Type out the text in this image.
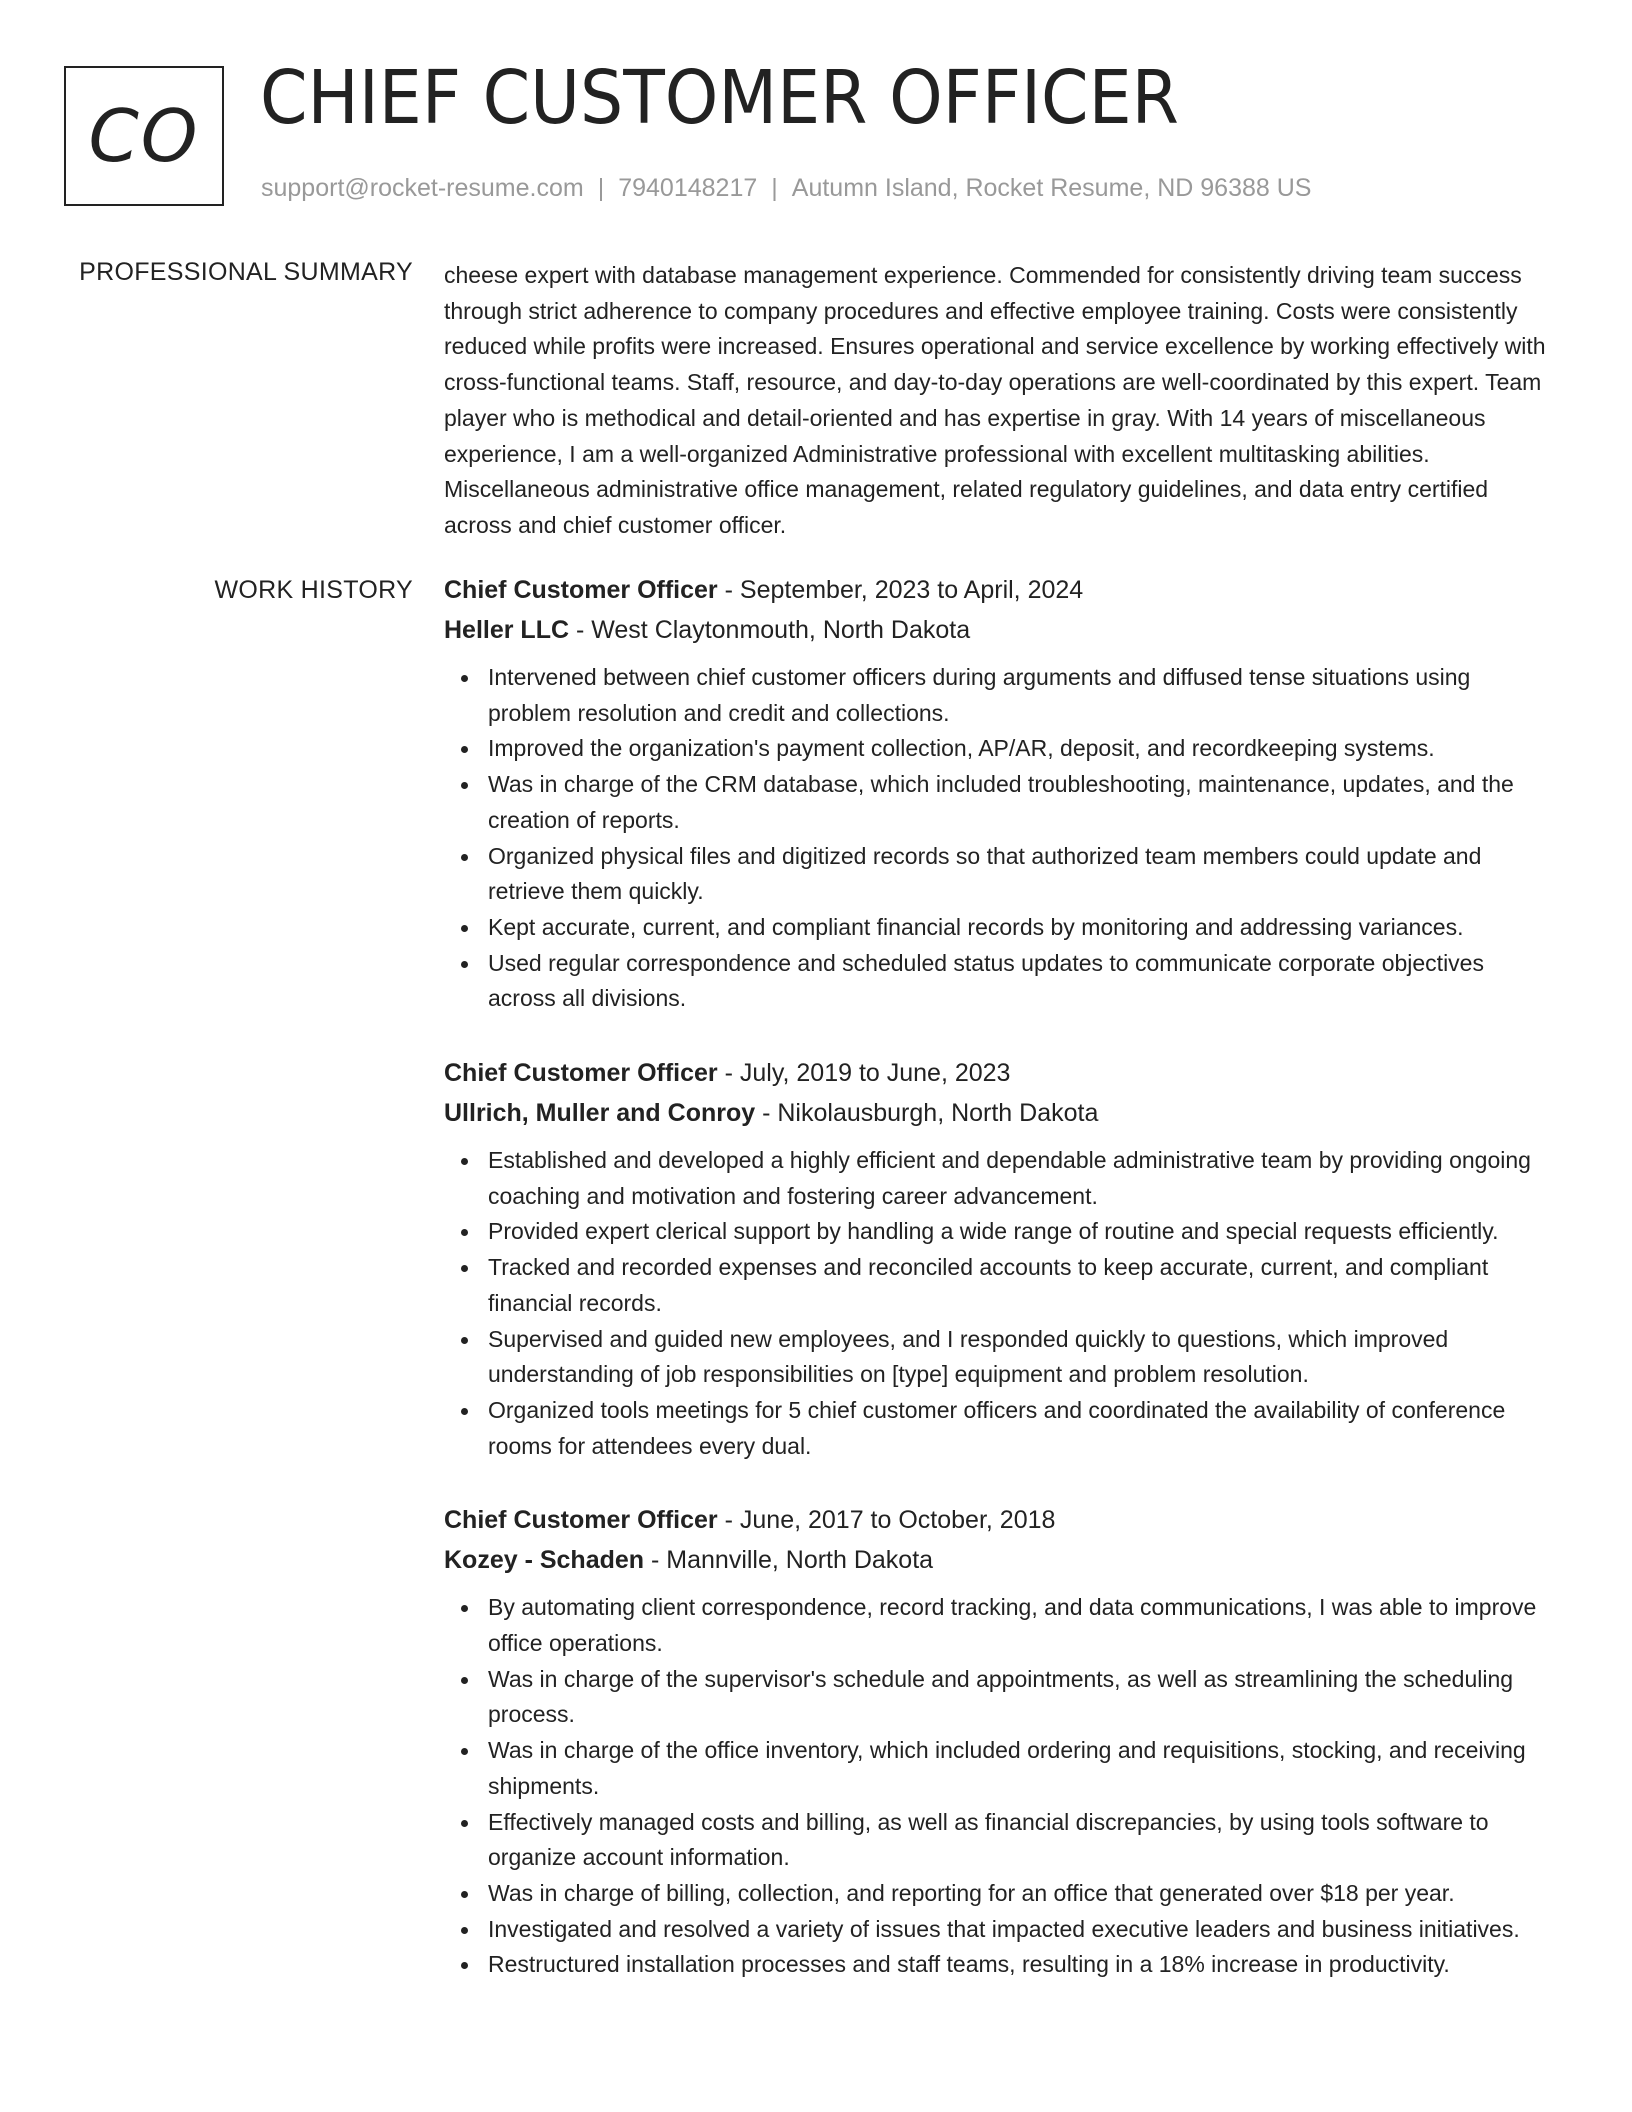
CO CHIEF CUSTOMER OFFICER
support@rocket-resume.com | 7940148217 | Autumn Island, Rocket Resume, ND 96388 US
PROFESSIONAL SUMMARY cheese expert with database management experience. Commended for consistently driving team success through strict adherence to company procedures and effective employee training. Costs were consistently reduced while profits were increased. Ensures operational and service excellence by working effectively with cross-functional teams. Staff, resource, and day-to-day operations are well-coordinated by this expert. Team player who is methodical and detail-oriented and has expertise in gray. With 14 years of miscellaneous experience, I am a well-organized Administrative professional with excellent multitasking abilities. Miscellaneous administrative office management, related regulatory guidelines, and data entry certified across and chief customer officer.
WORK HISTORY Chief Customer Officer - September, 2023 to April, 2024
Heller LLC - West Claytonmouth, North Dakota
Intervened between chief customer officers during arguments and diffused tense situations using problem resolution and credit and collections.
Improved the organization's payment collection, AP/AR, deposit, and recordkeeping systems.
Was in charge of the CRM database, which included troubleshooting, maintenance, updates, and the creation of reports.
Organized physical files and digitized records so that authorized team members could update and retrieve them quickly.
Kept accurate, current, and compliant financial records by monitoring and addressing variances.
Used regular correspondence and scheduled status updates to communicate corporate objectives across all divisions.
Chief Customer Officer - July, 2019 to June, 2023
Ullrich, Muller and Conroy - Nikolausburgh, North Dakota
Established and developed a highly efficient and dependable administrative team by providing ongoing coaching and motivation and fostering career advancement.
Provided expert clerical support by handling a wide range of routine and special requests efficiently.
Tracked and recorded expenses and reconciled accounts to keep accurate, current, and compliant financial records.
Supervised and guided new employees, and I responded quickly to questions, which improved understanding of job responsibilities on [type] equipment and problem resolution.
Organized tools meetings for 5 chief customer officers and coordinated the availability of conference rooms for attendees every dual.
Chief Customer Officer - June, 2017 to October, 2018
Kozey - Schaden - Mannville, North Dakota
By automating client correspondence, record tracking, and data communications, I was able to improve office operations.
Was in charge of the supervisor's schedule and appointments, as well as streamlining the scheduling process.
Was in charge of the office inventory, which included ordering and requisitions, stocking, and receiving shipments.
Effectively managed costs and billing, as well as financial discrepancies, by using tools software to organize account information.
Was in charge of billing, collection, and reporting for an office that generated over $18 per year.
Investigated and resolved a variety of issues that impacted executive leaders and business initiatives.
Restructured installation processes and staff teams, resulting in a 18% increase in productivity.
